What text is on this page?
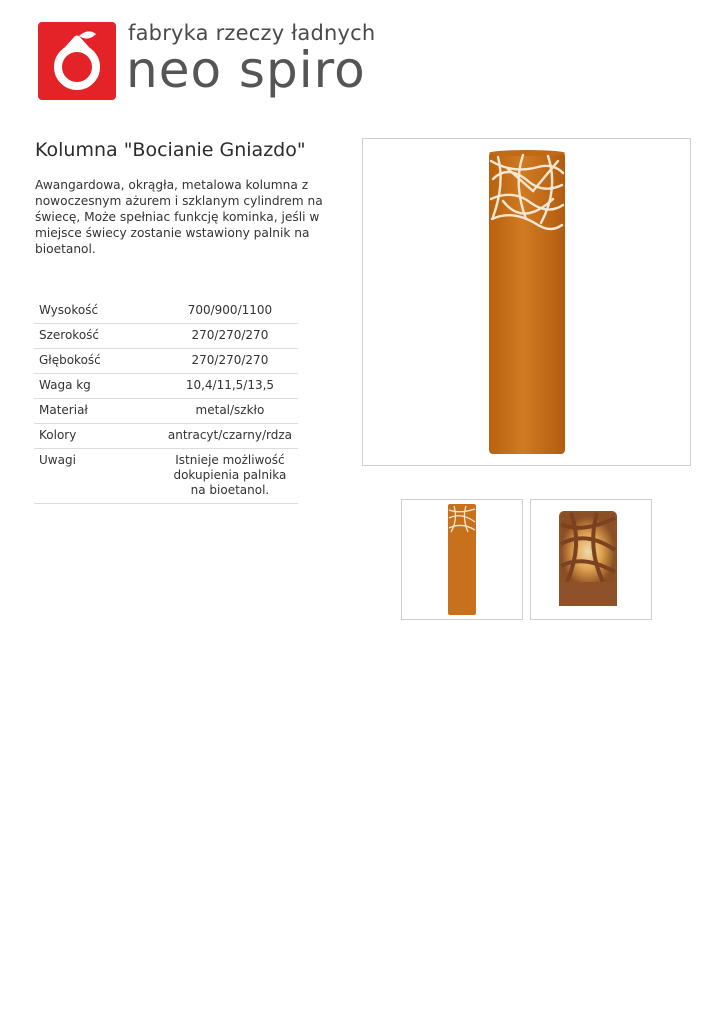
fabryka rzeczy ładnych
neo spiro
Kolumna "Bocianie Gniazdo"

Awangardowa, okrągła, metalowa kolumna z nowoczesnym ażurem i szklanym cylindrem na świecę, Może spełniac funkcję kominka, jeśli w miejsce świecy zostanie wstawiony palnik na bioetanol.

Wysokość	700/900/1100
Szerokość	270/270/270
Głębokość	270/270/270
Waga kg	10,4/11,5/13,5
Materiał	metal/szkło
Kolory	antracyt/czarny/rdza
Uwagi	Istnieje możliwość dokupienia palnika na bioetanol.
